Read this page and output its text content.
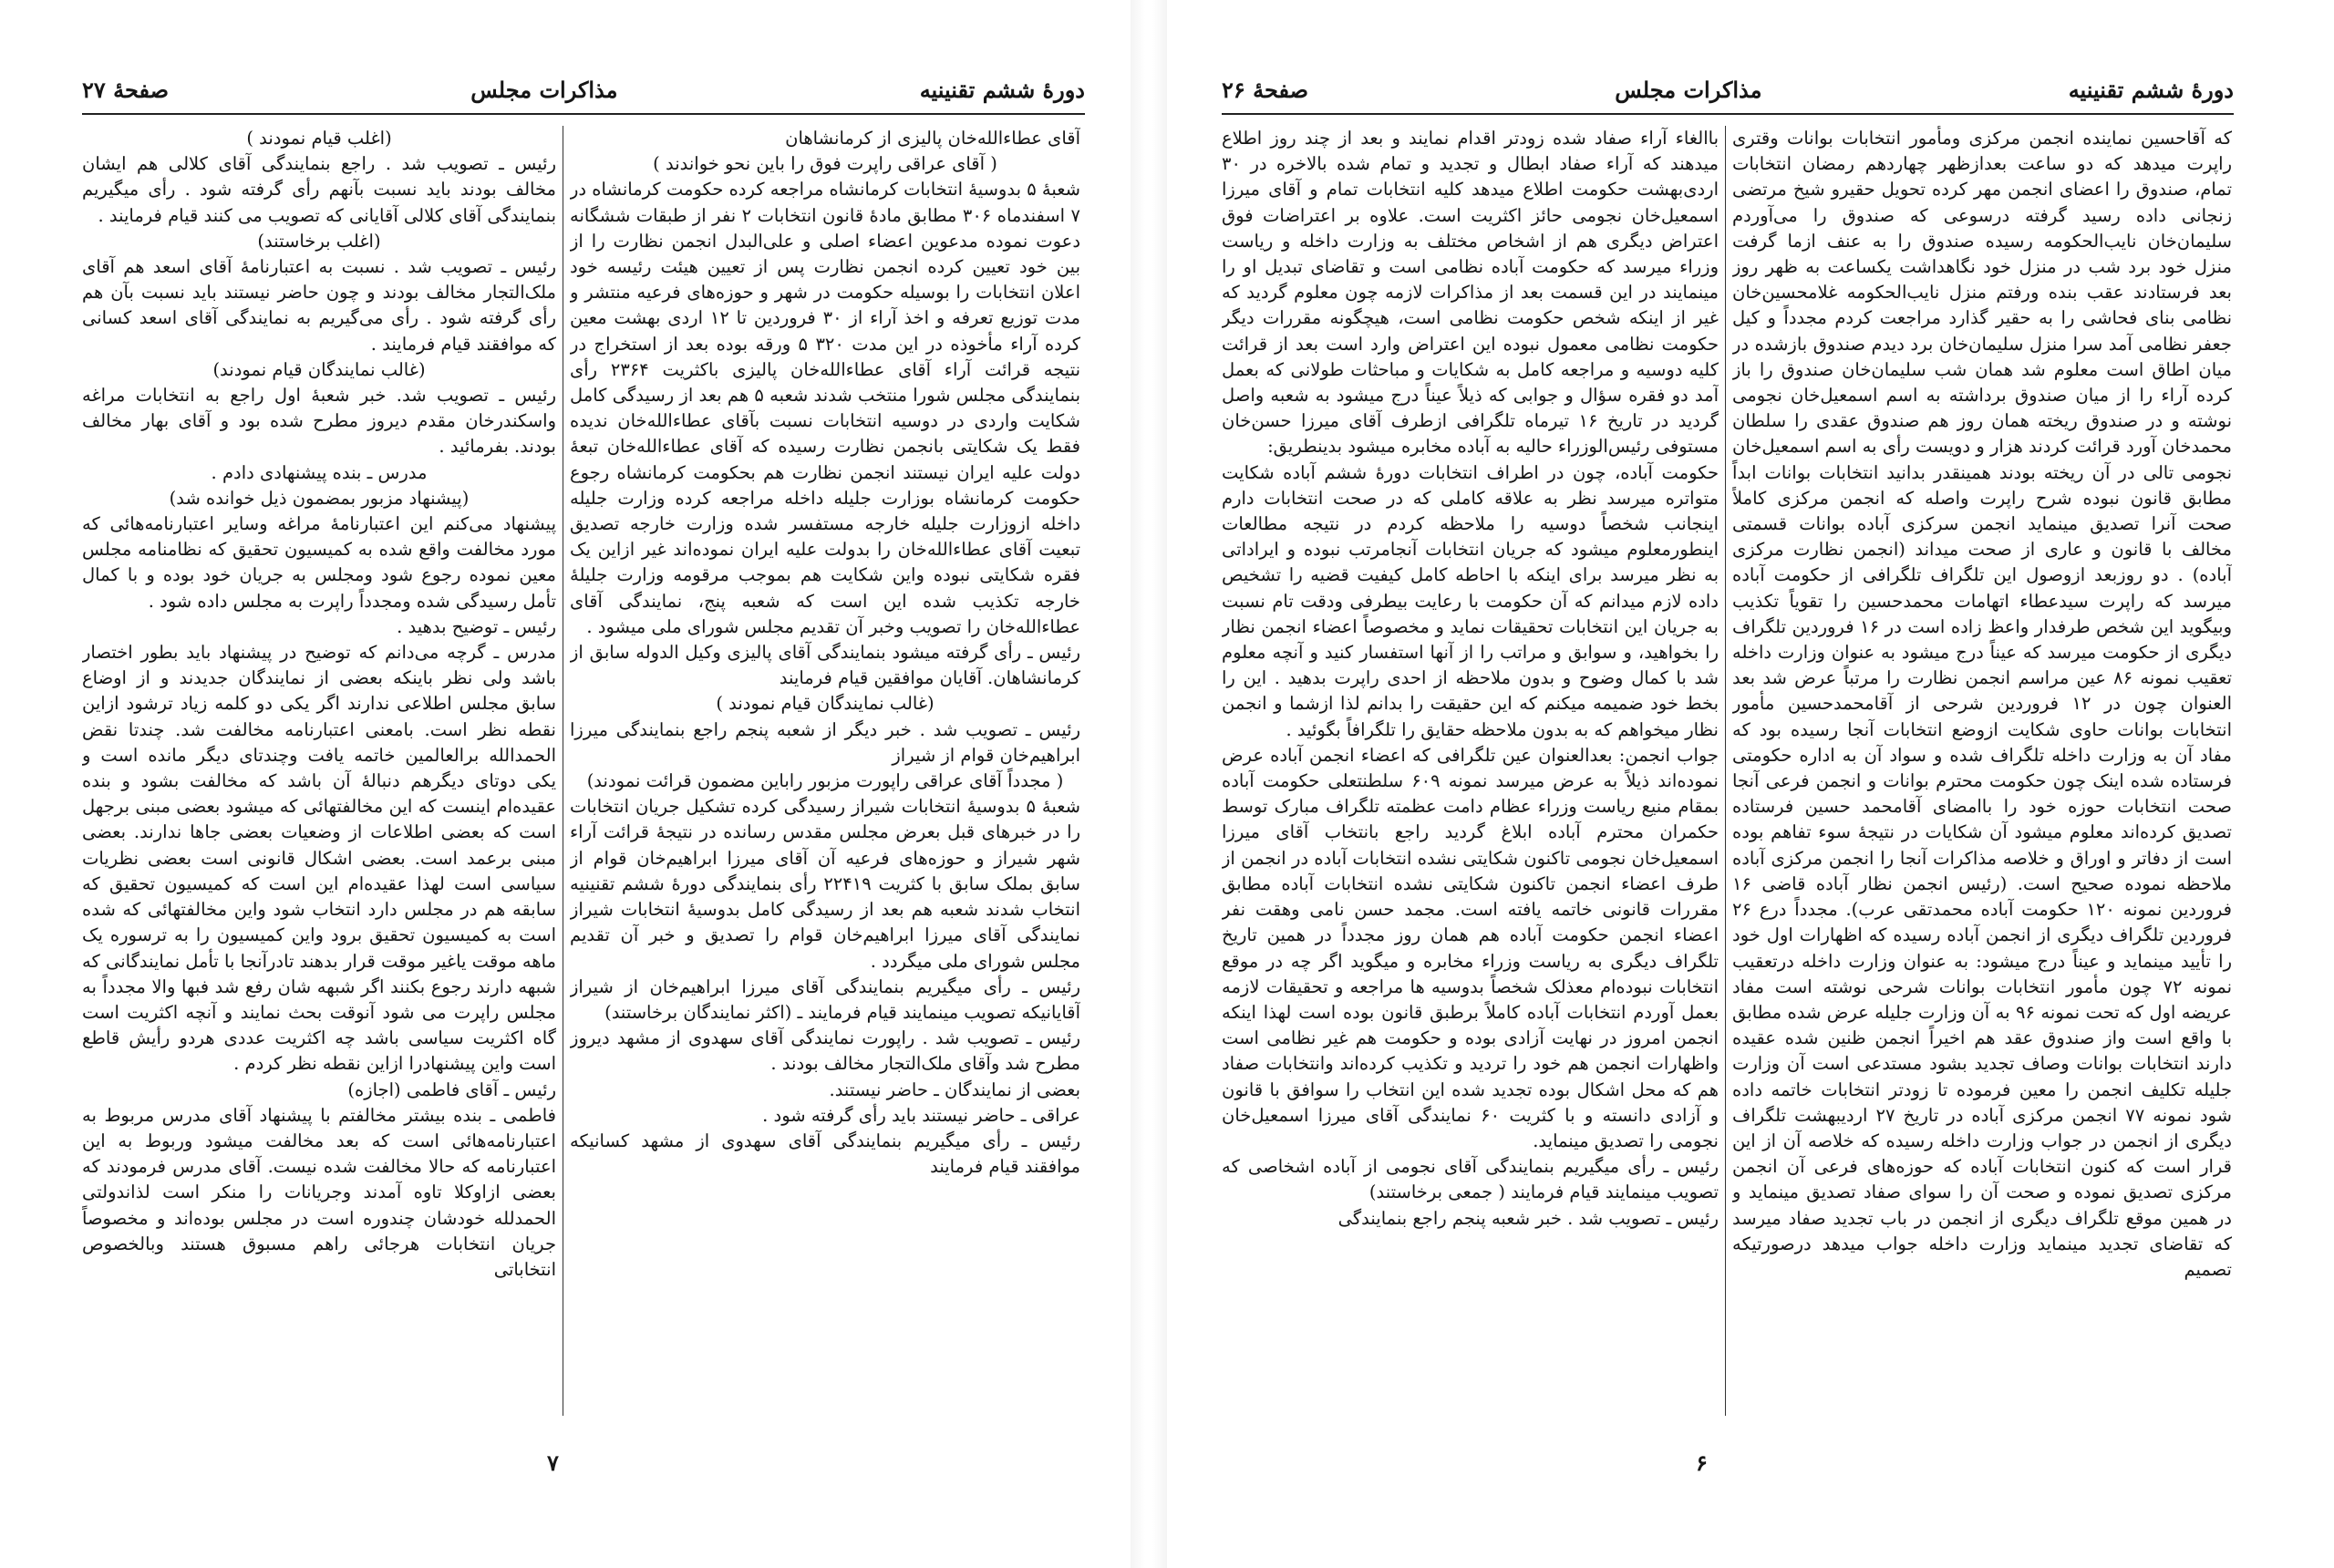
دورهٔ ششم تقنینیه
مذاکرات مجلس
صفحهٔ ۲۷

آقای عطاءالله‌خان پالیزی از کرمانشاهان

( آقای عراقی راپرت فوق را باین نحو خواندند )

شعبهٔ ۵ بدوسیهٔ انتخابات کرمانشاه مراجعه کرده حکومت کرمانشاه در ۷ اسفندماه ۳۰۶ مطابق مادهٔ قانون انتخابات ۲ نفر از طبقات ششگانه دعوت نموده مدعوین اعضاء اصلی و علی‌البدل انجمن نظارت را از بین خود تعیین کرده انجمن نظارت پس از تعیین هیئت رئیسه خود اعلان انتخابات را بوسیله حکومت در شهر و حوزه‌های فرعیه منتشر و مدت توزیع تعرفه و اخذ آراء از ۳۰ فروردین تا ۱۲ اردی بهشت معین کرده آراء مأخوذه در این مدت ۳۲۰ ۵ ورقه بوده بعد از استخراج در نتیجه قرائت آراء آقای عطاءالله‌خان پالیزی باکثریت ۲۳۶۴ رأی بنمایندگی مجلس شورا منتخب شدند شعبه ۵ هم بعد از رسیدگی کامل شکایت واردی در دوسیه انتخابات نسبت بآقای عطاءالله‌خان ندیده فقط یک شکایتی بانجمن نظارت رسیده که آقای عطاءالله‌خان تبعهٔ دولت علیه ایران نیستند انجمن نظارت هم بحکومت کرمانشاه رجوع حکومت کرمانشاه بوزارت جلیله داخله مراجعه کرده وزارت جلیله داخله ازوزارت جلیله خارجه مستفسر شده وزارت خارجه تصدیق تبعیت آقای عطاءالله‌خان را بدولت علیه ایران نموده‌اند غیر ازاین یک فقره شکایتی نبوده واین شکایت هم بموجب مرقومه وزارت جلیلهٔ خارجه تکذیب شده این است که شعبه پنج، نمایندگی آقای عطاءالله‌خان را تصویب وخبر آن تقدیم مجلس شورای ملی میشود .

رئیس ـ رأی گرفته میشود بنمایندگی آقای پالیزی وکیل الدوله سابق از کرمانشاهان. آقایان موافقین قیام فرمایند

(غالب نمایندگان قیام نمودند )

رئیس ـ تصویب شد . خبر دیگر از شعبه پنجم راجع بنمایندگی میرزا ابراهیم‌خان قوام از شیراز

( مجدداً آقای عراقی راپورت مزبور راباین مضمون قرائت نمودند)

شعبهٔ ۵ بدوسیهٔ انتخابات شیراز رسیدگی کرده تشکیل جریان انتخابات را در خبرهای قبل بعرض مجلس مقدس رسانده در نتیجهٔ قرائت آراء شهر شیراز و حوزه‌های فرعیه آن آقای میرزا ابراهیم‌خان قوام از سابق بملک سابق با کثریت ۲۲۴۱۹ رأی بنمایندگی دورهٔ ششم تقنینیه انتخاب شدند شعبه هم بعد از رسیدگی کامل بدوسیهٔ انتخابات شیراز نمایندگی آقای میرزا ابراهیم‌خان قوام را تصدیق و خبر آن تقدیم مجلس شورای ملی میگردد .

رئیس ـ رأی میگیریم بنمایندگی آقای میرزا ابراهیم‌خان از شیراز آقایانیکه تصویب مینمایند قیام فرمایند ـ (اکثر نمایندگان برخاستند)

رئیس ـ تصویب شد . راپورت نمایندگی آقای سهدوی از مشهد دیروز مطرح شد وآقای ملک‌التجار مخالف بودند .

بعضی از نمایندگان ـ حاضر نیستند.

عراقی ـ حاضر نیستند باید رأی گرفته شود .

رئیس ـ رأی میگیریم بنمایندگی آقای سهدوی از مشهد کسانیکه موافقند قیام فرمایند

(اغلب قیام نمودند )

رئیس ـ تصویب شد . راجع بنمایندگی آقای کلالی هم ایشان مخالف بودند باید نسبت بآنهم رأی گرفته شود . رأی میگیریم بنمایندگی آقای کلالی آقایانی که تصویب می کنند قیام فرمایند .

(اغلب برخاستند)

رئیس ـ تصویب شد . نسبت به اعتبارنامهٔ آقای اسعد هم آقای ملک‌التجار مخالف بودند و چون حاضر نیستند باید نسبت بآن هم رأی گرفته شود . رأی می‌گیریم به نمایندگی آقای اسعد کسانی که موافقند قیام فرمایند .

(غالب نمایندگان قیام نمودند)

رئیس ـ تصویب شد. خبر شعبهٔ اول راجع به انتخابات مراغه واسکندرخان مقدم دیروز مطرح شده بود و آقای بهار مخالف بودند. بفرمائید .

مدرس ـ بنده پیشنهادی دادم .

(پیشنهاد مزبور بمضمون ذیل خوانده شد)

پیشنهاد می‌کنم این اعتبارنامهٔ مراغه وسایر اعتبارنامه‌هائی که مورد مخالفت واقع شده به کمیسیون تحقیق که نظامنامه مجلس معین نموده رجوع شود ومجلس به جریان خود بوده و با کمال تأمل رسیدگی شده ومجدداً راپرت به مجلس داده شود .

رئیس ـ توضیح بدهید .

مدرس ـ گرچه می‌دانم که توضیح در پیشنهاد باید بطور اختصار باشد ولی نظر باینکه بعضی از نمایندگان جدیدند و از اوضاع سابق مجلس اطلاعی ندارند اگر یکی دو کلمه زیاد ترشود ازاین نقطه نظر است. بامعنی اعتبارنامه مخالفت شد. چندتا نقض الحمدالله برالعالمین خاتمه یافت وچندتای دیگر مانده است و یکی دوتای دیگرهم دنبالهٔ آن باشد که مخالفت بشود و بنده عقیده‌ام اینست که این مخالفتهائی که میشود بعضی مبنی برجهل است که بعضی اطلاعات از وضعیات بعضی جاها ندارند. بعضی مبنی برعمد است. بعضی اشکال قانونی است بعضی نظریات سیاسی است لهذا عقیده‌ام این است که کمیسیون تحقیق که سابقه هم در مجلس دارد انتخاب شود واین مخالفتهائی که شده است به کمیسیون تحقیق برود واین کمیسیون را به ترسوره یک ماهه موقت یاغیر موقت قرار بدهند تادرآنجا با تأمل نمایندگانی که شبهه دارند رجوع بکنند اگر شبهه شان رفع شد فبها والا مجدداً به مجلس راپرت می شود آنوقت بحث نمایند و آنچه اکثریت است گاه اکثریت سیاسی باشد چه اکثریت عددی هردو رأیش قاطع است واین پیشنهادرا ازاین نقطه نظر کردم .

رئیس ـ آقای فاطمی (اجازه)

فاطمی ـ بنده بیشتر مخالفتم با پیشنهاد آقای مدرس مربوط به اعتبارنامه‌هائی است که بعد مخالفت میشود وربوط به این اعتبارنامه که حالا مخالفت شده نیست. آقای مدرس فرمودند که بعضی ازاوکلا تاوه آمدند وجریانات را منکر است لذاندولتی الحمدلله خودشان چندوره است در مجلس بوده‌اند و مخصوصاً جریان انتخابات هرجائی راهم مسبوق هستند وبالخصوص انتخاباتی

۷
دورهٔ ششم تقنینیه
مذاکرات مجلس
صفحهٔ ۲۶

که آقاحسین نماینده انجمن مرکزی ومأمور انتخابات بوانات وقتری راپرت میدهد که دو ساعت بعدازظهر چهاردهم رمضان انتخابات تمام، صندوق را اعضای انجمن مهر کرده تحویل حقیرو شیخ مرتضی زنجانی داده رسید گرفته درسوعی که صندوق را می‌آوردم سلیمان‌خان نایب‌الحکومه رسیده صندوق را به عنف ازما گرفت منزل خود برد شب در منزل خود نگاهداشت یکساعت به ظهر روز بعد فرستادند عقب بنده ورفتم منزل نایب‌الحکومه غلامحسین‌خان نظامی بنای فحاشی را به حقیر گذارد مراجعت کردم مجدداً و کیل جعفر نظامی آمد سرا منزل سلیمان‌خان برد دیدم صندوق بازشده در میان اطاق است معلوم شد همان شب سلیمان‌خان صندوق را باز کرده آراء را از میان صندوق برداشته به اسم اسمعیل‌خان نجومی نوشته و در صندوق ریخته همان روز هم صندوق عقدی را سلطان محمدخان آورد قرائت کردند هزار و دویست رأی به اسم اسمعیل‌خان نجومی تالی در آن ریخته بودند همینقدر بدانید انتخابات بوانات ابداً مطابق قانون نبوده شرح راپرت واصله که انجمن مرکزی کاملاً صحت آنرا تصدیق مینماید انجمن سرکزی آباده بوانات قسمتی مخالف با قانون و عاری از صحت میداند (انجمن نظارت مرکزی آباده) . دو روزبعد ازوصول این تلگراف تلگرافی از حکومت آباده میرسد که راپرت سیدعطاء اتهامات محمدحسین را تقویاً تکذیب وبیگوید این شخص طرفدار واعظ زاده است در ۱۶ فروردین تلگراف دیگری از حکومت میرسد که عیناً درج میشود به عنوان وزارت داخله تعقیب نمونه ۸۶ عین مراسم انجمن نظارت را مرتباً عرض شد بعد العنوان چون در ۱۲ فروردین شرحی از آقامحمدحسین مأمور انتخابات بوانات حاوی شکایت ازوضع انتخابات آنجا رسیده بود که مفاد آن به وزارت داخله تلگراف شده و سواد آن به اداره حکومتی فرستاده شده اینک چون حکومت محترم بوانات و انجمن فرعی آنجا صحت انتخابات حوزه خود را باامضای آقامحمد حسین فرستاده تصدیق کرده‌اند معلوم میشود آن شکایات در نتیجهٔ سوء تفاهم بوده است از دفاتر و اوراق و خلاصه مذاکرات آنجا را انجمن مرکزی آباده ملاحظه نموده صحیح است. (رئیس انجمن نظار آباده قاضی ۱۶ فروردین نمونه ۱۲۰ حکومت آباده محمدتقی عرب). مجدداً درع ۲۶ فروردین تلگراف دیگری از انجمن آباده رسیده که اظهارات اول خود را تأیید مینماید و عیناً درج میشود: به عنوان وزارت داخله درتعقیب نمونه ۷۲ چون مأمور انتخابات بوانات شرحی نوشته است مفاد عریضه اول که تحت نمونه ۹۶ به آن وزارت جلیله عرض شده مطابق با واقع است واز صندوق عقد هم اخیراً انجمن ظنین شده عقیده دارند انتخابات بوانات وصاف تجدید بشود مستدعی است آن وزارت جلیله تکلیف انجمن را معین فرموده تا زودتر انتخابات خاتمه داده شود نمونه ۷۷ انجمن مرکزی آباده در تاریخ ۲۷ اردیبهشت تلگراف دیگری از انجمن در جواب وزارت داخله رسیده که خلاصه آن از این قرار است که کنون انتخابات آباده که حوزه‌های فرعی آن انجمن مرکزی تصدیق نموده و صحت آن را سوای صفاد تصدیق مینماید و در همین موقع تلگراف دیگری از انجمن در باب تجدید صفاد میرسد که تقاضای تجدید مینماید وزارت داخله جواب میدهد درصورتیکه تصمیم

باالغاء آراء صفاد شده زودتر اقدام نمایند و بعد از چند روز اطلاع میدهند که آراء صفاد ابطال و تجدید و تمام شده بالاخره در ۳۰ اردی‌بهشت حکومت اطلاع میدهد کلیه انتخابات تمام و آقای میرزا اسمعیل‌خان نجومی حائز اکثریت است. علاوه بر اعتراضات فوق اعتراض دیگری هم از اشخاص مختلف به وزارت داخله و ریاست وزراء میرسد که حکومت آباده نظامی است و تقاضای تبدیل او را مینمایند در این قسمت بعد از مذاکرات لازمه چون معلوم گردید که غیر از اینکه شخص حکومت نظامی است، هیچگونه مقررات دیگر حکومت نظامی معمول نبوده این اعتراض وارد است بعد از قرائت کلیه دوسیه و مراجعه کامل به شکایات و مباحثات طولانی که بعمل آمد دو فقره سؤال و جوابی که ذیلاً عیناً درج میشود به شعبه واصل گردید در تاریخ ۱۶ تیرماه تلگرافی ازطرف آقای میرزا حسن‌خان مستوفی رئیس‌الوزراء حالیه به آباده مخابره میشود بدینطریق:

حکومت آباده، چون در اطراف انتخابات دورهٔ ششم آباده شکایت متواتره میرسد نظر به علاقه کاملی که در صحت انتخابات دارم اینجانب شخصاً دوسیه را ملاحظه کردم در نتیجه مطالعات اینطورمعلوم میشود که جریان انتخابات آنجامرتب نبوده و ایراداتی به نظر میرسد برای اینکه با احاطه کامل کیفیت قضیه را تشخیص داده لازم میدانم که آن حکومت با رعایت بیطرفی ودقت تام نسبت به جریان این انتخابات تحقیقات نماید و مخصوصاً اعضاء انجمن نظار را بخواهید، و سوابق و مراتب را از آنها استفسار کنید و آنچه معلوم شد با کمال وضوح و بدون ملاحظه از احدی راپرت بدهید . این را بخط خود ضمیمه میکنم که این حقیقت را بدانم لذا ازشما و انجمن نظار میخواهم که به بدون ملاحظه حقایق را تلگرافاً بگوئید .

جواب انجمن: بعدالعنوان عین تلگرافی که اعضاء انجمن آباده عرض نموده‌اند ذیلاً به عرض میرسد نمونه ۶۰۹ سلطنتعلی حکومت آباده بمقام منیع ریاست وزراء عظام دامت عظمته تلگراف مبارک توسط حکمران محترم آباده ابلاغ گردید راجع بانتخاب آقای میرزا اسمعیل‌خان نجومی تاکنون شکایتی نشده انتخابات آباده در انجمن از طرف اعضاء انجمن تاکنون شکایتی نشده انتخابات آباده مطابق مقررات قانونی خاتمه یافته است. مجمد حسن نامی وهقت نفر اعضاء انجمن حکومت آباده هم همان روز مجدداً در همین تاریخ تلگراف دیگری به ریاست وزراء مخابره و میگوید اگر چه در موقع انتخابات نبوده‌ام معذلک شخصاً بدوسیه ها مراجعه و تحقیقات لازمه بعمل آوردم انتخابات آباده کاملاً برطبق قانون بوده است لهذا اینکه انجمن امروز در نهایت آزادی بوده و حکومت هم غیر نظامی است واظهارات انجمن هم خود را تردید و تکذیب کرده‌اند وانتخابات صفاد هم که محل اشکال بوده تجدید شده این انتخاب را سوافق با قانون و آزادی دانسته و با کثریت ۶۰ نمایندگی آقای میرزا اسمعیل‌خان نجومی را تصدیق مینماید.

رئیس ـ رأی میگیریم بنمایندگی آقای نجومی از آباده اشخاصی که تصویب مینمایند قیام فرمایند ( جمعی برخاستند)

رئیس ـ تصویب شد . خبر شعبه پنجم راجع بنمایندگی

۶
